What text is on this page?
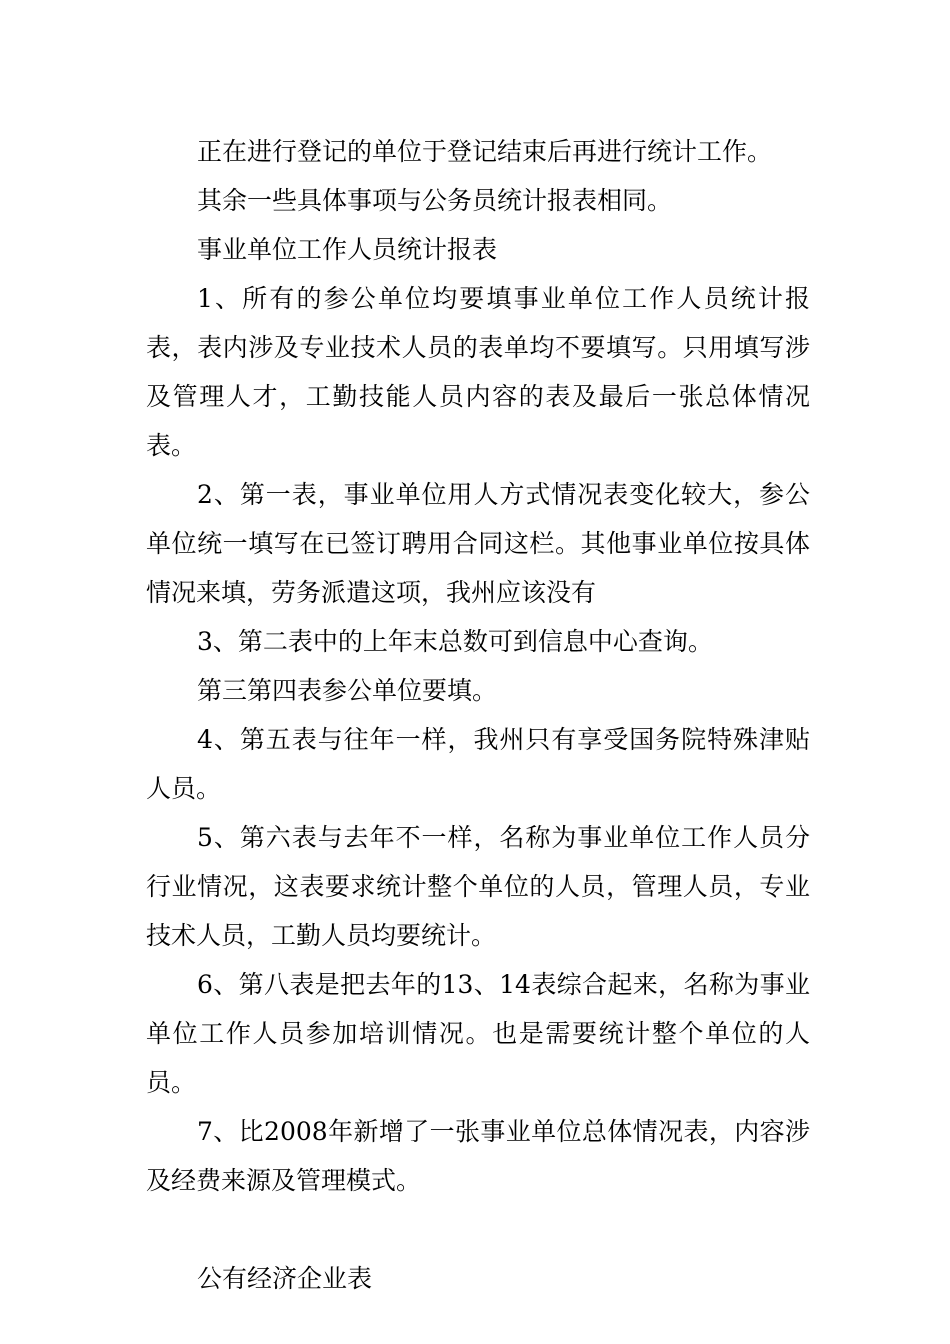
正在进行登记的单位于登记结束后再进行统计工作。

其余一些具体事项与公务员统计报表相同。

事业单位工作人员统计报表

1、所有的参公单位均要填事业单位工作人员统计报表，表内涉及专业技术人员的表单均不要填写。只用填写涉及管理人才，工勤技能人员内容的表及最后一张总体情况表。

2、第一表，事业单位用人方式情况表变化较大，参公单位统一填写在已签订聘用合同这栏。其他事业单位按具体情况来填，劳务派遣这项，我州应该没有

3、第二表中的上年末总数可到信息中心查询。

第三第四表参公单位要填。

4、第五表与往年一样，我州只有享受国务院特殊津贴人员。

5、第六表与去年不一样，名称为事业单位工作人员分行业情况，这表要求统计整个单位的人员，管理人员，专业技术人员，工勤人员均要统计。

6、第八表是把去年的13、14表综合起来，名称为事业单位工作人员参加培训情况。也是需要统计整个单位的人员。

7、比2008年新增了一张事业单位总体情况表，内容涉及经费来源及管理模式。

公有经济企业表
